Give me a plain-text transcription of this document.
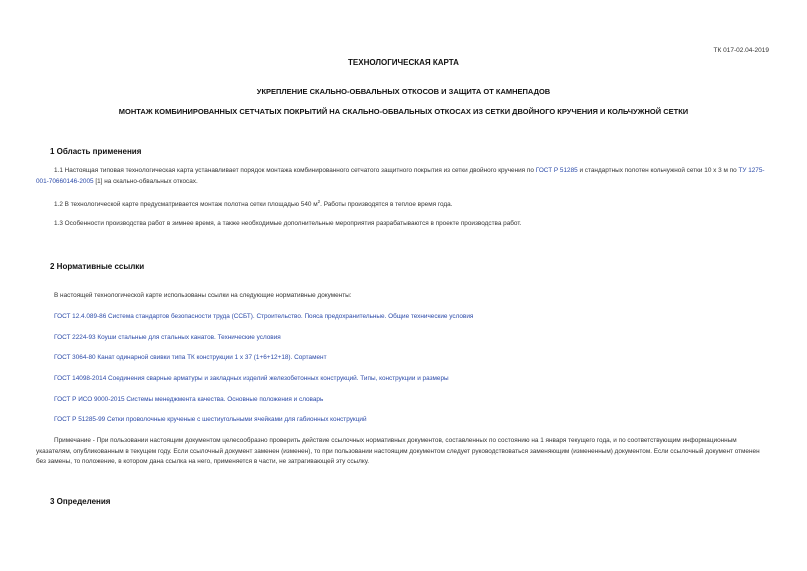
ТК 017-02.04-2019
ТЕХНОЛОГИЧЕСКАЯ КАРТА
УКРЕПЛЕНИЕ СКАЛЬНО-ОБВАЛЬНЫХ ОТКОСОВ И ЗАЩИТА ОТ КАМНЕПАДОВ
МОНТАЖ КОМБИНИРОВАННЫХ СЕТЧАТЫХ ПОКРЫТИЙ НА СКАЛЬНО-ОБВАЛЬНЫХ ОТКОСАХ ИЗ СЕТКИ ДВОЙНОГО КРУЧЕНИЯ И КОЛЬЧУЖНОЙ СЕТКИ
1 Область применения
1.1 Настоящая типовая технологическая карта устанавливает порядок монтажа комбинированного сетчатого защитного покрытия из сетки двойного кручения по ГОСТ Р 51285 и стандартных полотен кольчужной сетки 10 х 3 м по ТУ 1275-001-70660146-2005 [1] на скально-обвальных откосах.
1.2 В технологической карте предусматривается монтаж полотна сетки площадью 540 $м^2$. Работы производятся в теплое время года.
1.3 Особенности производства работ в зимнее время, а также необходимые дополнительные мероприятия разрабатываются в проекте производства работ.
2 Нормативные ссылки
В настоящей технологической карте использованы ссылки на следующие нормативные документы:
ГОСТ 12.4.089-86 Система стандартов безопасности труда (ССБТ). Строительство. Пояса предохранительные. Общие технические условия
ГОСТ 2224-93 Коуши стальные для стальных канатов. Технические условия
ГОСТ 3064-80 Канат одинарной свивки типа ТК конструкции 1 х 37 (1+6+12+18). Сортамент
ГОСТ 14098-2014 Соединения сварные арматуры и закладных изделий железобетонных конструкций. Типы, конструкции и размеры
ГОСТ Р ИСО 9000-2015 Системы менеджмента качества. Основные положения и словарь
ГОСТ Р 51285-99 Сетки проволочные крученые с шестиугольными ячейками для габионных конструкций
Примечание - При пользовании настоящим документом целесообразно проверить действие ссылочных нормативных документов, составленных по состоянию на 1 января текущего года, и по соответствующим информационным указателям, опубликованным в текущем году. Если ссылочный документ заменен (изменен), то при пользовании настоящим документом следует руководствоваться заменяющим (измененным) документом. Если ссылочный документ отменен без замены, то положение, в котором дана ссылка на него, применяется в части, не затрагивающей эту ссылку.
3 Определения
